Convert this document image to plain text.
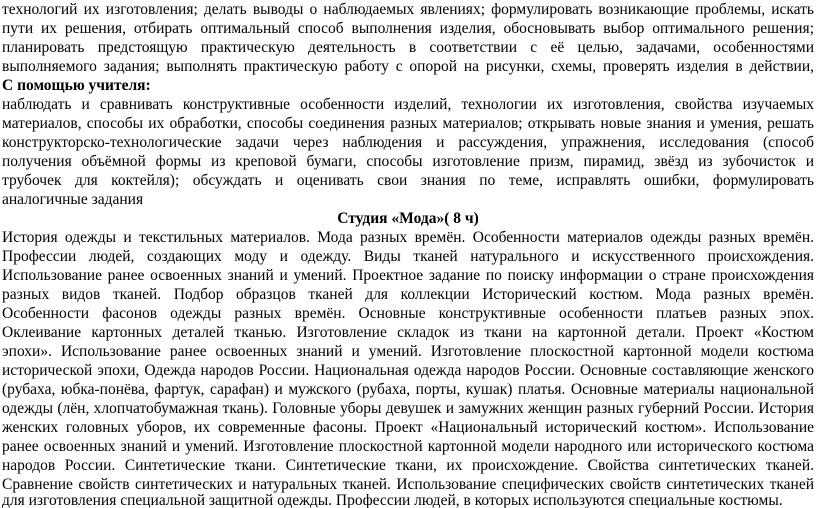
технологий их изготовления; делать выводы о наблюдаемых явлениях; формулировать возникающие проблемы, искать
пути их решения, отбирать оптимальный способ выполнения изделия, обосновывать выбор оптимального решения;
планировать предстоящую практическую деятельность в соответствии с её целью, задачами, особенностями
выполняемого задания; выполнять практическую работу с опорой на рисунки, схемы, проверять изделия в действии,
С помощью учителя:
наблюдать и сравнивать конструктивные особенности изделий, технологии их изготовления, свойства изучаемых
материалов, способы их обработки, способы соединения разных материалов; открывать новые знания и умения, решать
конструкторско-технологические задачи через наблюдения и рассуждения, упражнения, исследования (способ
получения объёмной формы из креповой бумаги, способы изготовление призм, пирамид, звёзд из зубочисток и
трубочек для коктейля); обсуждать и оценивать свои знания по теме, исправлять ошибки, формулировать
аналогичные задания
Студия «Мода»( 8 ч)
История одежды и текстильных материалов. Мода разных времён. Особенности материалов одежды разных времён.
Профессии людей, создающих моду и одежду. Виды тканей натурального и искусственного происхождения.
Использование ранее освоенных знаний и умений. Проектное задание по поиску информации о стране происхождения
разных видов тканей. Подбор образцов тканей для коллекции Исторический костюм. Мода разных времён.
Особенности фасонов одежды разных времён. Основные конструктивные особенности платьев разных эпох.
Оклеивание картонных деталей тканью. Изготовление складок из ткани на картонной детали. Проект «Костюм
эпохи». Использование ранее освоенных знаний и умений. Изготовление плоскостной картонной модели костюма
исторической эпохи, Одежда народов России. Национальная одежда народов России. Основные составляющие женского
(рубаха, юбка-понёва, фартук, сарафан) и мужского (рубаха, порты, кушак) платья. Основные материалы национальной
одежды (лён, хлопчатобумажная ткань). Головные уборы девушек и замужних женщин разных губерний России. История
женских головных уборов, их современные фасоны. Проект «Национальный исторический костюм». Использование
ранее освоенных знаний и умений. Изготовление плоскостной картонной модели народного или исторического костюма
народов России. Синтетические ткани. Синтетические ткани, их происхождение. Свойства синтетических тканей.
Сравнение свойств синтетических и натуральных тканей. Использование специфических свойств синтетических тканей
для изготовления специальной защитной одежды. Профессии людей, в которых используются специальные костюмы.
